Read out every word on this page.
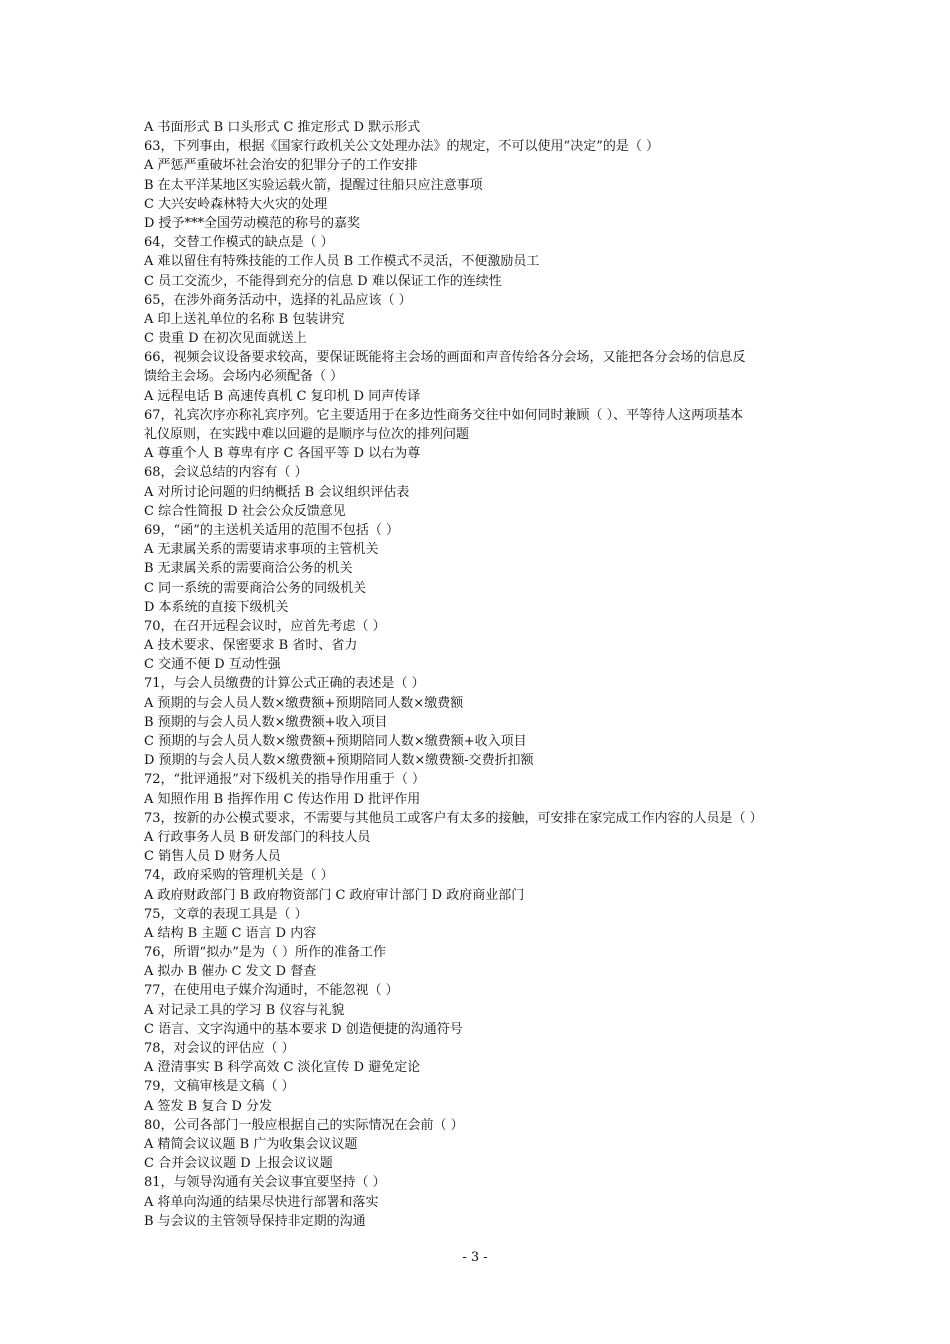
A 书面形式 B 口头形式 C 推定形式 D 默示形式
63，下列事由，根据《国家行政机关公文处理办法》的规定，不可以使用“决定”的是（ ）
A 严惩严重破坏社会治安的犯罪分子的工作安排
B 在太平洋某地区实验运载火箭，提醒过往船只应注意事项
C 大兴安岭森林特大火灾的处理
D 授予***全国劳动模范的称号的嘉奖
64，交替工作模式的缺点是（ ）
A 难以留住有特殊技能的工作人员 B 工作模式不灵活，不便激励员工
C 员工交流少，不能得到充分的信息 D 难以保证工作的连续性
65，在涉外商务活动中，选择的礼品应该（ ）
A 印上送礼单位的名称 B 包装讲究
C 贵重 D 在初次见面就送上
66，视频会议设备要求较高，要保证既能将主会场的画面和声音传给各分会场，又能把各分会场的信息反
馈给主会场。会场内必须配备（ ）
A 远程电话 B 高速传真机 C 复印机 D 同声传译
67，礼宾次序亦称礼宾序列。它主要适用于在多边性商务交往中如何同时兼顾（ ）、平等待人这两项基本
礼仪原则，在实践中难以回避的是顺序与位次的排列问题
A 尊重个人 B 尊卑有序 C 各国平等 D 以右为尊
68，会议总结的内容有（ ）
A 对所讨论问题的归纳概括 B 会议组织评估表
C 综合性简报 D 社会公众反馈意见
69，“函”的主送机关适用的范围不包括（ ）
A 无隶属关系的需要请求事项的主管机关
B 无隶属关系的需要商洽公务的机关
C 同一系统的需要商洽公务的同级机关
D 本系统的直接下级机关
70，在召开远程会议时，应首先考虑（ ）
A 技术要求、保密要求 B 省时、省力
C 交通不便 D 互动性强
71，与会人员缴费的计算公式正确的表述是（ ）
A 预期的与会人员人数×缴费额+预期陪同人数×缴费额
B 预期的与会人员人数×缴费额+收入项目
C 预期的与会人员人数×缴费额+预期陪同人数×缴费额+收入项目
D 预期的与会人员人数×缴费额+预期陪同人数×缴费额-交费折扣额
72，“批评通报”对下级机关的指导作用重于（ ）
A 知照作用 B 指挥作用 C 传达作用 D 批评作用
73，按新的办公模式要求，不需要与其他员工或客户有太多的接触，可安排在家完成工作内容的人员是（ ）
A 行政事务人员 B 研发部门的科技人员
C 销售人员 D 财务人员
74，政府采购的管理机关是（ ）
A 政府财政部门 B 政府物资部门 C 政府审计部门 D 政府商业部门
75，文章的表现工具是（ ）
A 结构 B 主题 C 语言 D 内容
76，所谓“拟办”是为（ ）所作的准备工作
A 拟办 B 催办 C 发文 D 督查
77，在使用电子媒介沟通时，不能忽视（ ）
A 对记录工具的学习 B 仪容与礼貌
C 语言、文字沟通中的基本要求 D 创造便捷的沟通符号
78，对会议的评估应（ ）
A 澄清事实 B 科学高效 C 淡化宣传 D 避免定论
79，文稿审核是文稿（ ）
A 签发 B 复合 D 分发
80，公司各部门一般应根据自己的实际情况在会前（ ）
A 精简会议议题 B 广为收集会议议题
C 合并会议议题 D 上报会议议题
81，与领导沟通有关会议事宜要坚持（ ）
A 将单向沟通的结果尽快进行部署和落实
B 与会议的主管领导保持非定期的沟通
- 3 -
